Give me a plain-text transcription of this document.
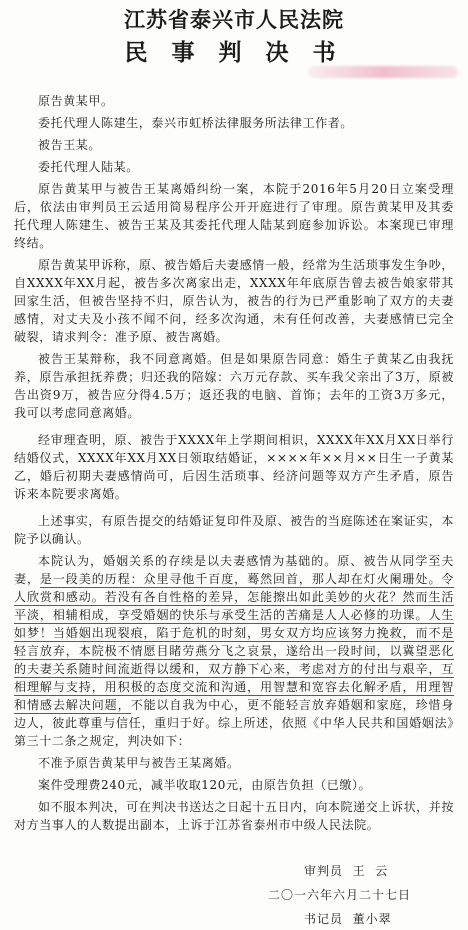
江苏省泰兴市人民法院
民 事 判 决 书

原告黄某甲。

委托代理人陈建生，泰兴市虹桥法律服务所法律工作者。

被告王某。

委托代理人陆某。

原告黄某甲与被告王某离婚纠纷一案，本院于2016年5月20日立案受理后，依法由审判员王云适用简易程序公开开庭进行了审理。原告黄某甲及其委托代理人陈建生、被告王某及其委托代理人陆某到庭参加诉讼。本案现已审理终结。

原告黄某甲诉称，原、被告婚后夫妻感情一般，经常为生活琐事发生争吵，自XXXX年XX月起，被告多次离家出走，XXXX年年底原告曾去被告娘家带其回家生活，但被告坚持不归，原告认为，被告的行为已严重影响了双方的夫妻感情，对丈夫及小孩不闻不问，经多次沟通，未有任何改善，夫妻感情已完全破裂，请求判令：准予原、被告离婚。

被告王某辩称，我不同意离婚。但是如果原告同意：婚生子黄某乙由我抚养，原告承担抚养费；归还我的陪嫁：六万元存款、买车我父亲出了3万，原被告出资9万，被告应分得4.5万；返还我的电脑、首饰；去年的工资3万多元，我可以考虑同意离婚。

经审理查明，原、被告于XXXX年上学期间相识，XXXX年XX月XX日举行结婚仪式，XXXX年XX月XX日领取结婚证，××××年××月××日生一子黄某乙，婚后初期夫妻感情尚可，后因生活琐事、经济问题等双方产生矛盾，原告诉来本院要求离婚。

上述事实，有原告提交的结婚证复印件及原、被告的当庭陈述在案证实，本院予以确认。

本院认为，婚姻关系的存续是以夫妻感情为基础的。原、被告从同学至夫妻，是一段美的历程：众里寻他千百度，蓦然回首，那人却在灯火阑珊处。令人欣赏和感动。若没有各自性格的差异，怎能擦出如此美妙的火花？然而生活平淡，相辅相成，享受婚姻的快乐与承受生活的苦痛是人人必修的功课。人生如梦！当婚姻出现裂痕，陷于危机的时刻，男女双方均应该努力挽救，而不是轻言放弃，本院极不情愿目睹劳燕分飞之哀景，遂给出一段时间，以冀望恶化的夫妻关系随时间流逝得以缓和，双方静下心来，考虑对方的付出与艰辛，互相理解与支持，用积极的态度交流和沟通，用智慧和宽容去化解矛盾，用理智和情感去解决问题，不能以自我为中心，更不能轻言放弃婚姻和家庭，珍惜身边人，彼此尊重与信任，重归于好。综上所述，依照《中华人民共和国婚姻法》第三十二条之规定，判决如下：

不准予原告黄某甲与被告王某离婚。

案件受理费240元，减半收取120元，由原告负担（已缴）。

如不服本判决，可在判决书送达之日起十五日内，向本院递交上诉状，并按对方当事人的人数提出副本，上诉于江苏省泰州市中级人民法院。

审判员  王  云
二〇一六年六月二十七日
书记员  董小翠
